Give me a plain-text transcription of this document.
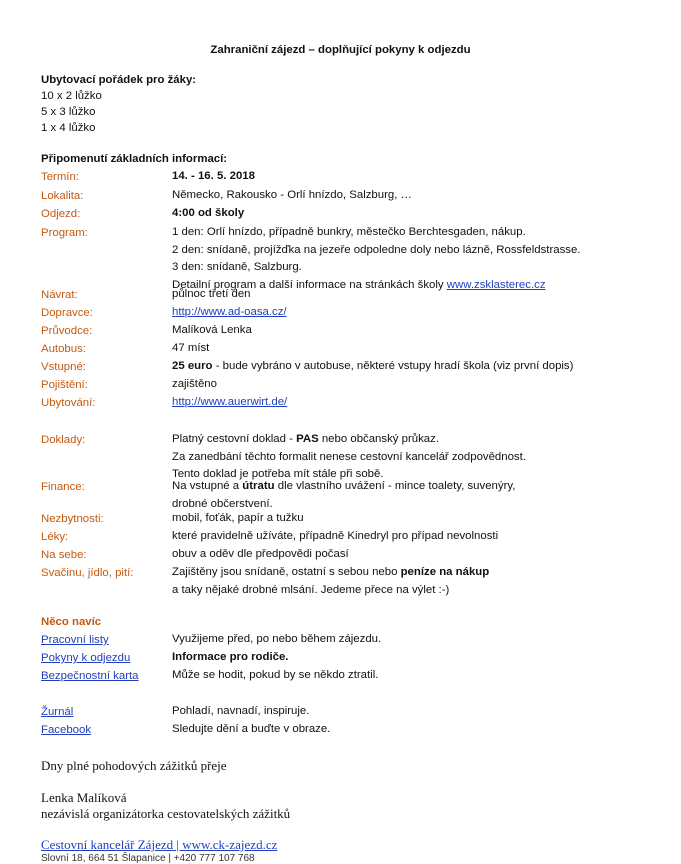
Zahraniční zájezd – doplňující pokyny k odjezdu
Ubytovací pořádek pro žáky:
10 x 2 lůžko
5 x 3 lůžko
1 x 4 lůžko
Připomenutí základních informací:
Termín:	14. - 16. 5. 2018
Lokalita:	Německo, Rakousko - Orlí hnízdo, Salzburg, …
Odjezd:	4:00 od školy
Program:	1 den: Orlí hnízdo, případně bunkry, městečko Berchtesgaden, nákup.
2 den: snídaně, projížďka na jezeře odpoledne doly nebo lázně, Rossfeldstrasse.
3 den: snídaně, Salzburg.
Detailní program a další informace na stránkách školy www.zsklasterec.cz
Návrat:	půlnoc třetí den
Dopravce:	http://www.ad-oasa.cz/
Průvodce:	Malíková Lenka
Autobus:	47 míst
Vstupné:	25 euro - bude vybráno v autobuse, některé vstupy hradí škola (viz první dopis)
Pojištění:	zajištěno
Ubytování:	http://www.auerwirt.de/
Doklady:	Platný cestovní doklad - PAS nebo občanský průkaz.
Za zanedbání těchto formalit nenese cestovní kancelář zodpovědnost.
Tento doklad je potřeba mít stále při sobě.
Finance:	Na vstupné a útratu dle vlastního uvážení - mince toalety, suvenýry,
drobné občerstvení.
Nezbytnosti:	mobil, foťák, papír a tužku
Léky:	které pravidelně užíváte, případně Kinedryl pro případ nevolnosti
Na sebe:	obuv a oděv dle předpovědi počasí
Svačinu, jídlo, pití:	Zajištěny jsou snídaně, ostatní s sebou nebo peníze na nákup
a taky nějaké drobné mlsání. Jedeme přece na výlet :-)
Něco navíc
Pracovní listy	Využijeme před, po nebo během zájezdu.
Pokyny k odjezdu	Informace pro rodiče.
Bezpečnostní karta	Může se hodit, pokud by se někdo ztratil.
Žurnál	Pohladí, navnadí, inspiruje.
Facebook	Sledujte dění a buďte v obraze.
Dny plné pohodových zážitků přeje
Lenka Malíková
nezávislá organizátorka cestovatelských zážitků
Cestovní kancelář Zájezd | www.ck-zajezd.cz
Slovní 18, 664 51 Šlapanice | +420 777 107 768
